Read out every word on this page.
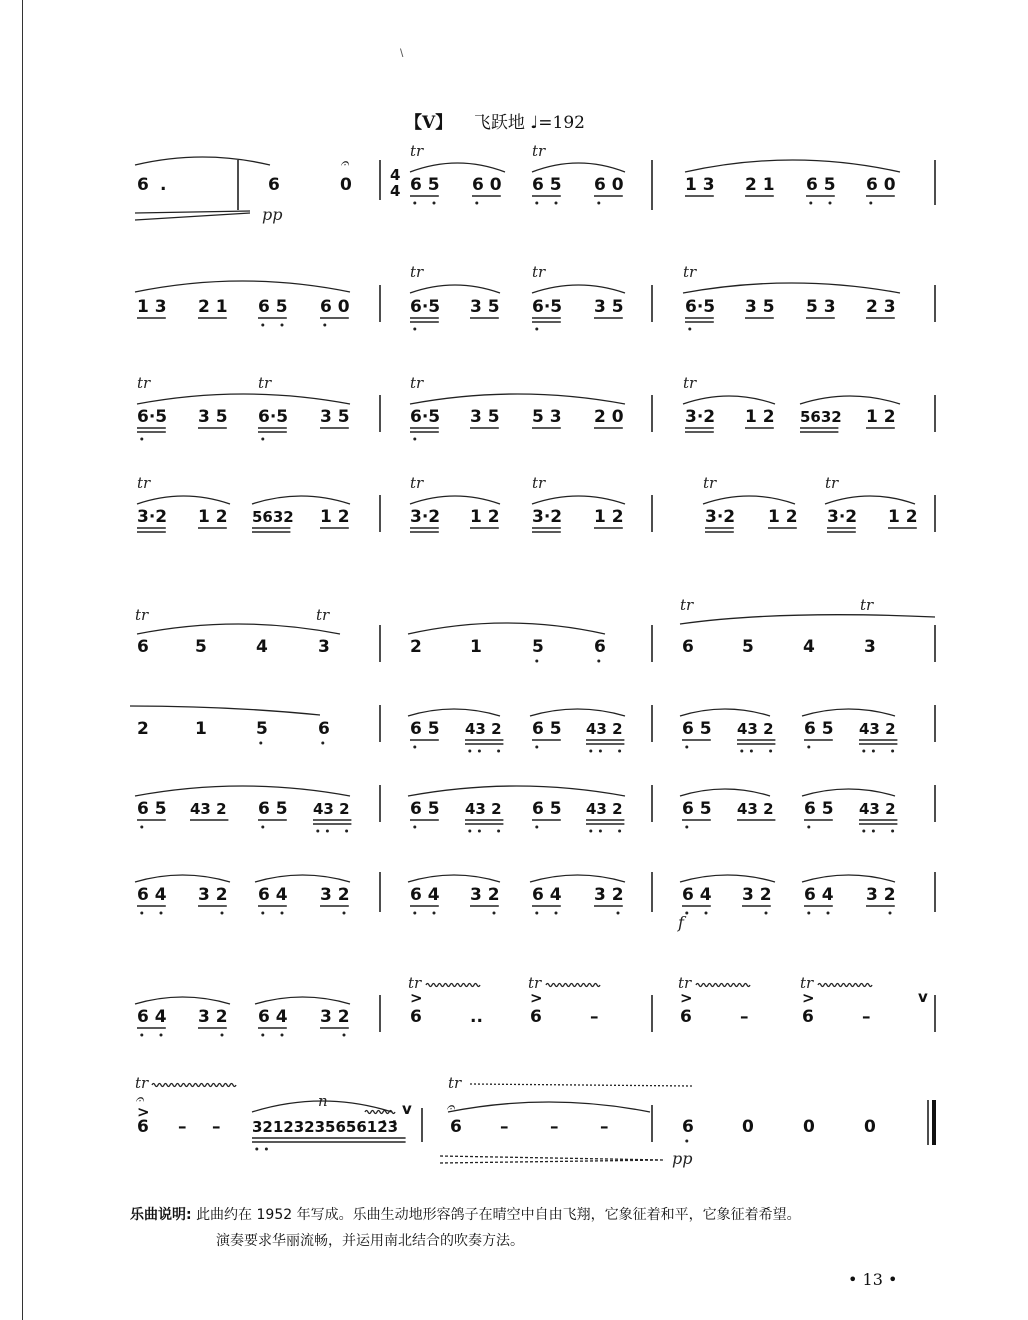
\
【V】 飞跃地 ♩=192
6 .	6	0
𝄐
4
4
tr
6 5 6 0
tr
6 5 6 0	1 3 2 1 6 5 6 0
pp
1 3 2 1 6 5 6 0
tr
6·5 3 5
tr
6·5 3 5
tr
6·5 3 5 5 3 2 3
tr	tr
6·5 3 5 6·5 3 5
tr
6·5 3 5 5 3 2 0
tr
3·2 1 2 5632 1 2
tr
3·2 1 2 5632 1 2
tr
3·2 1 2
tr
3·2 1 2
tr
3·2 1 2
tr
3·2 1 2
tr	tr
6	5	4	3	2	1	5	6
tr	tr
6	5	4	3
2	1	5	6	6 5 43 2 6 5 43 2	6 5 43 2 6 5 43 2
6 5 43 2 6 5 43 2	6 5 43 2 6 5 43 2	6 5 43 2 6 5 43 2
6 4 3 2 6 4 3 2	6 4 3 2 6 4 3 2	6 4 3 2 6 4 3 2
f
6 4 3 2 6 4 3 2
tr
>
6	..
tr
>
6	–
tr
>
6	–
tr
>
6	–
v
tr
𝄐
>
6 – –
n
3212323565612̇3̇
v
tr
𝄐
6 – – –	6	0	0	0
pp
乐曲说明: 此曲约在 1952 年写成。乐曲生动地形容鸽子在晴空中自由飞翔，它象征着和平，它象征着希望。
演奏要求华丽流畅，并运用南北结合的吹奏方法。
• 13 •
